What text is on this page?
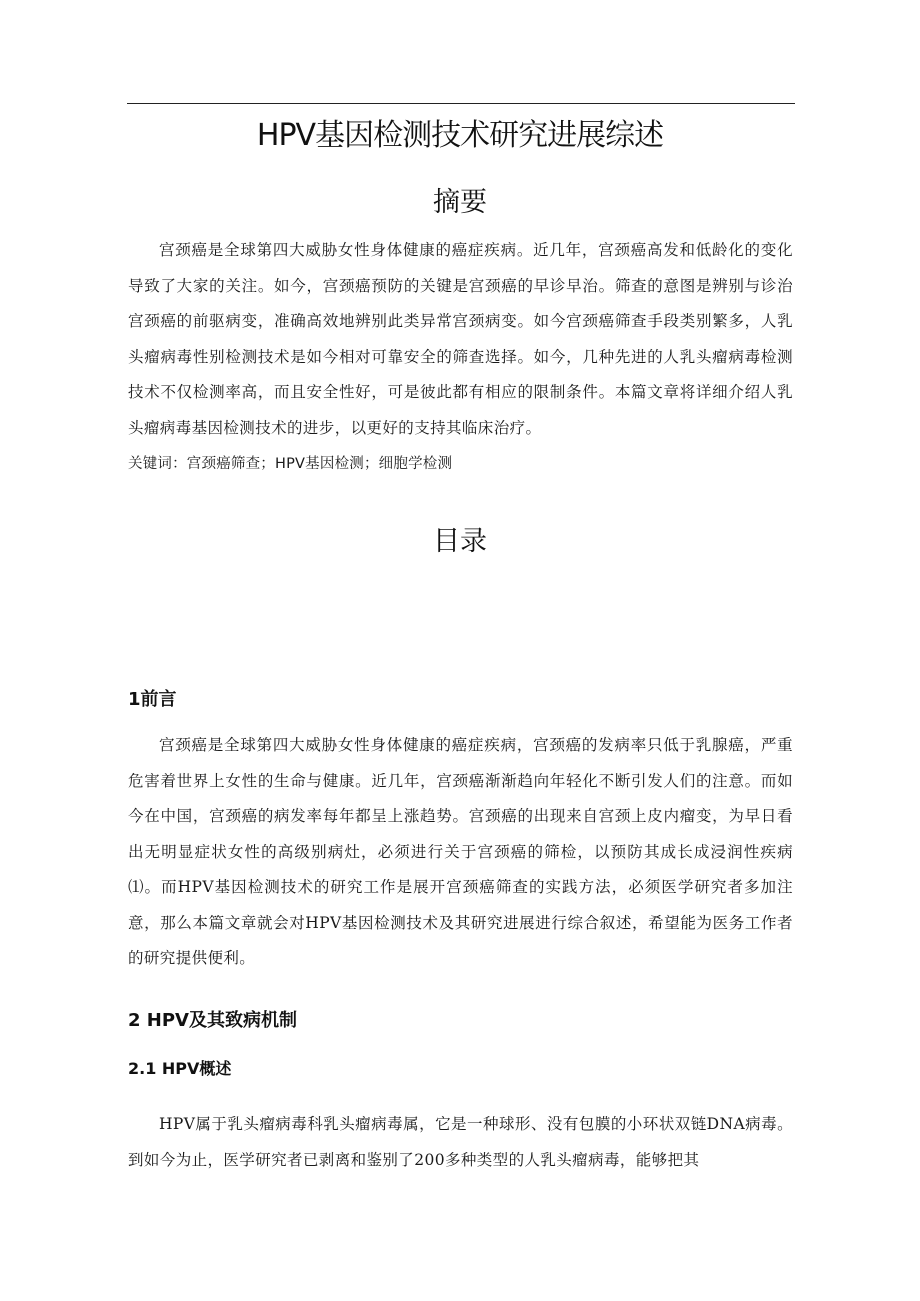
HPV基因检测技术研究进展综述
摘要
宫颈癌是全球第四大威胁女性身体健康的癌症疾病。近几年，宫颈癌高发和低龄化的变化导致了大家的关注。如今，宫颈癌预防的关键是宫颈癌的早诊早治。筛查的意图是辨别与诊治宫颈癌的前驱病变，准确高效地辨别此类异常宫颈病变。如今宫颈癌筛查手段类别繁多，人乳头瘤病毒性别检测技术是如今相对可靠安全的筛查选择。如今，几种先进的人乳头瘤病毒检测技术不仅检测率高，而且安全性好，可是彼此都有相应的限制条件。本篇文章将详细介绍人乳头瘤病毒基因检测技术的进步，以更好的支持其临床治疗。
关键词：宫颈癌筛查；HPV基因检测；细胞学检测
目录
1前言
宫颈癌是全球第四大威胁女性身体健康的癌症疾病，宫颈癌的发病率只低于乳腺癌，严重危害着世界上女性的生命与健康。近几年，宫颈癌渐渐趋向年轻化不断引发人们的注意。而如今在中国，宫颈癌的病发率每年都呈上涨趋势。宫颈癌的出现来自宫颈上皮内瘤变，为早日看出无明显症状女性的高级别病灶，必须进行关于宫颈癌的筛检，以预防其成长成浸润性疾病⑴。而HPV基因检测技术的研究工作是展开宫颈癌筛查的实践方法，必须医学研究者多加注意，那么本篇文章就会对HPV基因检测技术及其研究进展进行综合叙述，希望能为医务工作者的研究提供便利。
2 HPV及其致病机制
2.1 HPV概述
HPV属于乳头瘤病毒科乳头瘤病毒属，它是一种球形、没有包膜的小环状双链DNA病毒。到如今为止，医学研究者已剥离和鉴别了200多种类型的人乳头瘤病毒，能够把其
